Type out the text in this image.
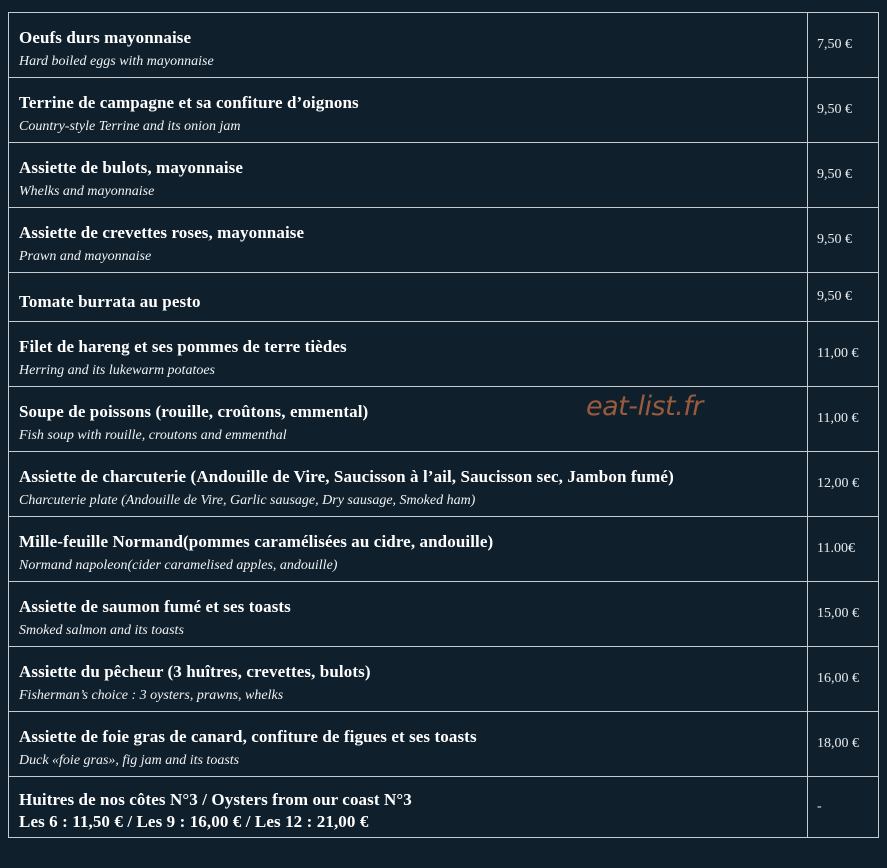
Oeufs durs mayonnaise
Hard boiled eggs with mayonnaise	7,50 €

Terrine de campagne et sa confiture d’oignons
Country-style Terrine and its onion jam	9,50 €

Assiette de bulots, mayonnaise
Whelks and mayonnaise	9,50 €

Assiette de crevettes roses, mayonnaise
Prawn and mayonnaise	9,50 €

Tomate burrata au pesto	9,50 €

Filet de hareng et ses pommes de terre tièdes
Herring and its lukewarm potatoes	11,00 €

Soupe de poissons (rouille, croûtons, emmental)
Fish soup with rouille, croutons and emmenthal	11,00 €

Assiette de charcuterie (Andouille de Vire, Saucisson à l’ail, Saucisson sec, Jambon fumé)
Charcuterie plate (Andouille de Vire, Garlic sausage, Dry sausage, Smoked ham)	12,00 €

Mille-feuille Normand(pommes caramélisées au cidre, andouille)
Normand napoleon(cider caramelised apples, andouille)	11.00€

Assiette de saumon fumé et ses toasts
Smoked salmon and its toasts	15,00 €

Assiette du pêcheur (3 huîtres, crevettes, bulots)
Fisherman’s choice : 3 oysters, prawns, whelks	16,00 €

Assiette de foie gras de canard, confiture de figues et ses toasts
Duck «foie gras», fig jam and its toasts	18,00 €

Huitres de nos côtes N°3 / Oysters from our coast N°3
Les 6 : 11,50 € / Les 9 : 16,00 € / Les 12 : 21,00 €	-
eat-list.fr
